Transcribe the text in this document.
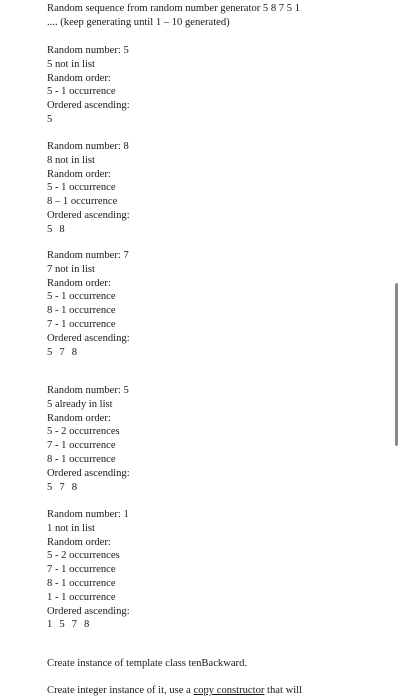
Random sequence from random number generator 5 8 7 5 1
.... (keep generating until 1 – 10 generated)
Random number: 5
5 not in list
Random order:
5 - 1 occurrence
Ordered ascending:
5
Random number: 8
8 not in list
Random order:
5 - 1 occurrence
8 – 1 occurrence
Ordered ascending:
5 8
Random number: 7
7 not in list
Random order:
5 - 1 occurrence
8 - 1 occurrence
7 - 1 occurrence
Ordered ascending:
5 7 8
Random number: 5
5 already in list
Random order:
5 - 2 occurrences
7 - 1 occurrence
8 - 1 occurrence
Ordered ascending:
5 7 8
Random number: 1
1 not in list
Random order:
5 - 2 occurrences
7 - 1 occurrence
8 - 1 occurrence
1 - 1 occurrence
Ordered ascending:
1 5 7 8
Create instance of template class tenBackward.
Create integer instance of it, use a copy constructor that will
